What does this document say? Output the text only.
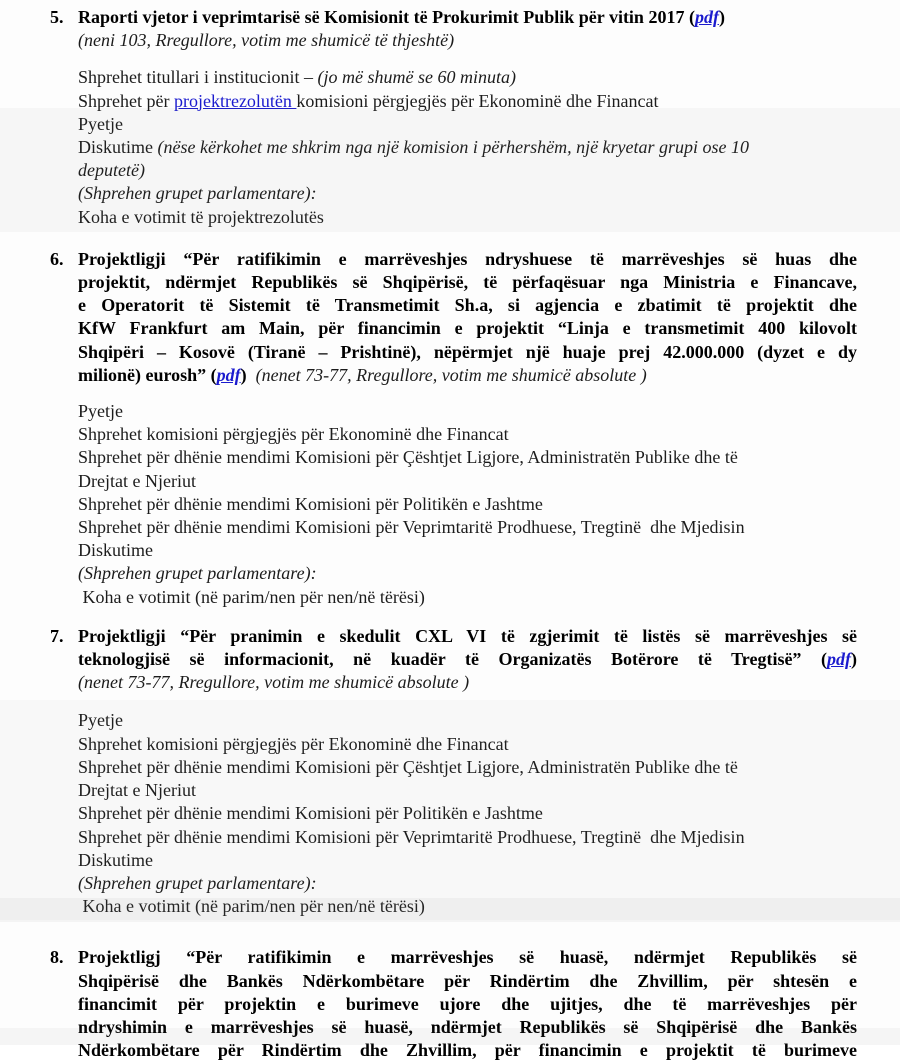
5. Raporti vjetor i veprimtarisë së Komisionit të Prokurimit Publik për vitin 2017 (pdf)
(neni 103, Rregullore, votim me shumicë të thjeshtë)
Shprehet titullari i institucionit – (jo më shumë se 60 minuta)
Shprehet për projektrezolutën komisioni përgjegjës për Ekonominë dhe Financat
Pyetje
Diskutime (nëse kërkohet me shkrim nga një komision i përhershëm, një kryetar grupi ose 10
deputetë)
(Shprehen grupet parlamentare):
Koha e votimit të projektrezolutës
6. Projektligji “Për ratifikimin e marrëveshjes ndryshuese të marrëveshjes së huas dhe
projektit, ndërmjet Republikës së Shqipërisë, të përfaqësuar nga Ministria e Financave,
e Operatorit të Sistemit të Transmetimit Sh.a, si agjencia e zbatimit të projektit dhe
KfW Frankfurt am Main, për financimin e projektit “Linja e transmetimit 400 kilovolt
Shqipëri – Kosovë (Tiranë – Prishtinë), nëpërmjet një huaje prej 42.000.000 (dyzet e dy
milionë) eurosh” (pdf)  (nenet 73-77, Rregullore, votim me shumicë absolute )
Pyetje
Shprehet komisioni përgjegjës për Ekonominë dhe Financat
Shprehet për dhënie mendimi Komisioni për Çështjet Ligjore, Administratën Publike dhe të
Drejtat e Njeriut
Shprehet për dhënie mendimi Komisioni për Politikën e Jashtme
Shprehet për dhënie mendimi Komisioni për Veprimtaritë Prodhuese, Tregtinë  dhe Mjedisin
Diskutime
(Shprehen grupet parlamentare):
Koha e votimit (në parim/nen për nen/në tërësi)
7. Projektligji “Për pranimin e skedulit CXL VI të zgjerimit të listës së marrëveshjes së
teknologjisë së informacionit, në kuadër të Organizatës Botërore të Tregtisë” (pdf)
(nenet 73-77, Rregullore, votim me shumicë absolute )
Pyetje
Shprehet komisioni përgjegjës për Ekonominë dhe Financat
Shprehet për dhënie mendimi Komisioni për Çështjet Ligjore, Administratën Publike dhe të
Drejtat e Njeriut
Shprehet për dhënie mendimi Komisioni për Politikën e Jashtme
Shprehet për dhënie mendimi Komisioni për Veprimtaritë Prodhuese, Tregtinë  dhe Mjedisin
Diskutime
(Shprehen grupet parlamentare):
Koha e votimit (në parim/nen për nen/në tërësi)
8. Projektligj “Për ratifikimin e marrëveshjes së huasë, ndërmjet Republikës së
Shqipërisë dhe Bankës Ndërkombëtare për Rindërtim dhe Zhvillim, për shtesën e
financimit për projektin e burimeve ujore dhe ujitjes, dhe të marrëveshjes për
ndryshimin e marrëveshjes së huasë, ndërmjet Republikës së Shqipërisë dhe Bankës
Ndërkombëtare për Rindërtim dhe Zhvillim, për financimin e projektit të burimeve
